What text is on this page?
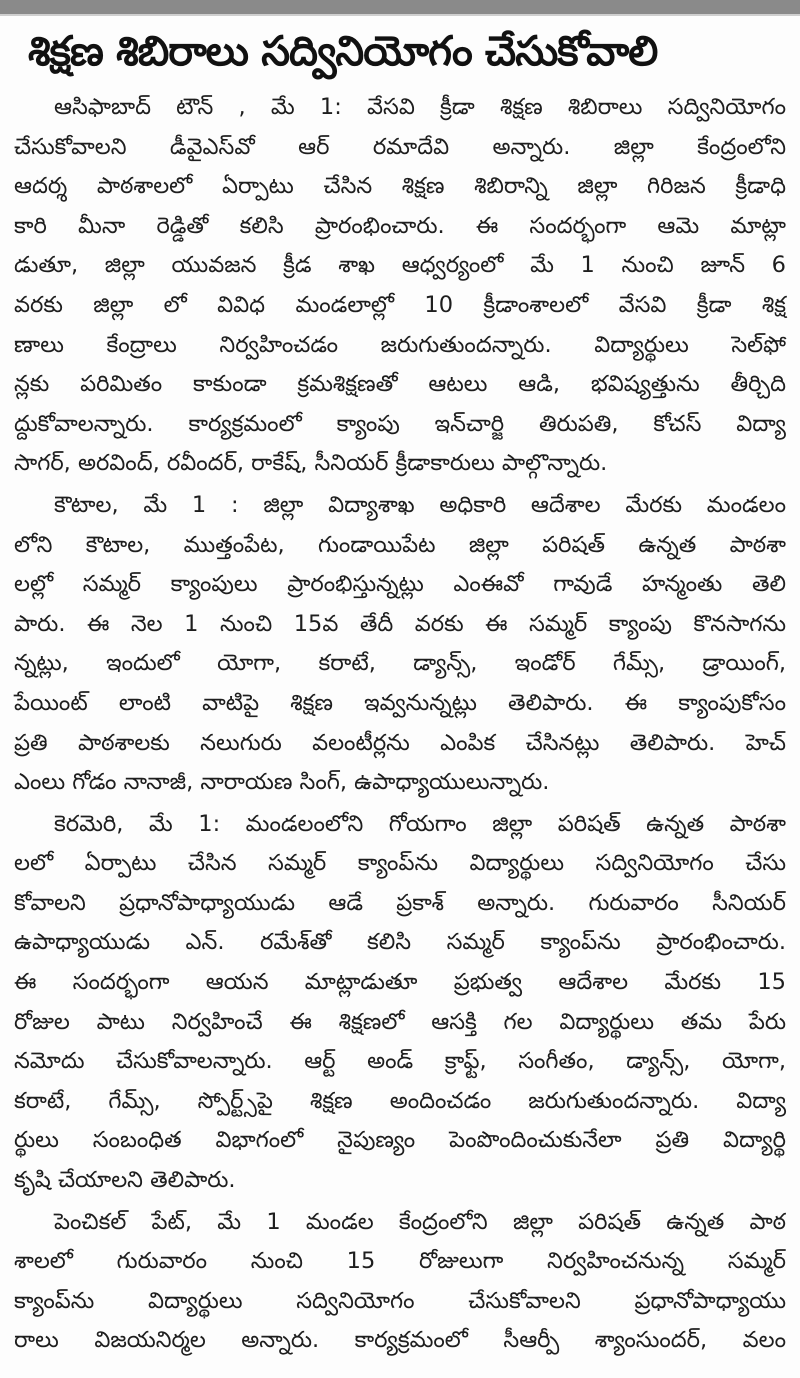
శిక్షణ శిబిరాలు సద్వినియోగం చేసుకోవాలి
ఆసిఫాబాద్ టౌన్ , మే 1: వేసవి క్రీడా శిక్షణ శిబిరాలు సద్వినియోగం
చేసుకోవాలని డీవైఎస్‌వో ఆర్ రమాదేవి అన్నారు. జిల్లా కేంద్రంలోని
ఆదర్శ పాఠశాలలో ఏర్పాటు చేసిన శిక్షణ శిబిరాన్ని జిల్లా గిరిజన క్రీడాధి
కారి మీనా రెడ్డితో కలిసి ప్రారంభించారు. ఈ సందర్భంగా ఆమె మాట్లా
డుతూ, జిల్లా యువజన క్రీడ శాఖ ఆధ్వర్యంలో మే 1 నుంచి జూన్ 6
వరకు జిల్లా లో వివిధ మండలాల్లో 10 క్రీడాంశాలలో వేసవి క్రీడా శిక్ష
ణాలు కేంద్రాలు నిర్వహించడం జరుగుతుందన్నారు. విద్యార్థులు సెల్‌ఫో
న్లకు పరిమితం కాకుండా క్రమశిక్షణతో ఆటలు ఆడి, భవిష్యత్తును తీర్చిది
ద్దుకోవాలన్నారు. కార్యక్రమంలో క్యాంపు ఇన్‌చార్జి తిరుపతి, కోచస్ విద్యా
సాగర్, అరవింద్, రవీందర్, రాకేష్, సీనియర్ క్రీడాకారులు పాల్గొన్నారు.
కౌటాల, మే 1 : జిల్లా విద్యాశాఖ అధికారి ఆదేశాల మేరకు మండలం
లోని కౌటాల, ముత్తంపేట, గుండాయిపేట జిల్లా పరిషత్ ఉన్నత పాఠశా
లల్లో సమ్మర్ క్యాంపులు ప్రారంభిస్తున్నట్లు ఎంఈవో గావుడే హన్మంతు తెలి
పారు. ఈ నెల 1 నుంచి 15వ తేదీ వరకు ఈ సమ్మర్ క్యాంపు కొనసాగను
న్నట్లు, ఇందులో యోగా, కరాటే, డ్యాన్స్, ఇండోర్ గేమ్స్, డ్రాయింగ్,
పేయింట్ లాంటి వాటిపై శిక్షణ ఇవ్వనున్నట్లు తెలిపారు. ఈ క్యాంపుకోసం
ప్రతి పాఠశాలకు నలుగురు వలంటీర్లను ఎంపిక చేసినట్లు తెలిపారు. హెచ్
ఎంలు గోడం నానాజీ, నారాయణ సింగ్, ఉపాధ్యాయులున్నారు.
కెరమెరి, మే 1: మండలంలోని గోయగాం జిల్లా పరిషత్ ఉన్నత పాఠశా
లలో ఏర్పాటు చేసిన సమ్మర్ క్యాంప్‌ను విద్యార్థులు సద్వినియోగం చేసు
కోవాలని ప్రధానోపాధ్యాయుడు ఆడే ప్రకాశ్ అన్నారు. గురువారం సీనియర్
ఉపాధ్యాయుడు ఎన్. రమేశ్‌తో కలిసి సమ్మర్ క్యాంప్‌ను ప్రారంభించారు.
ఈ సందర్భంగా ఆయన మాట్లాడుతూ ప్రభుత్వ ఆదేశాల మేరకు 15
రోజుల పాటు నిర్వహించే ఈ శిక్షణలో ఆసక్తి గల విద్యార్థులు తమ పేరు
నమోదు చేసుకోవాలన్నారు. ఆర్ట్ అండ్ క్రాఫ్ట్, సంగీతం, డ్యాన్స్, యోగా,
కరాటే, గేమ్స్, స్పోర్ట్స్‌పై శిక్షణ అందించడం జరుగుతుందన్నారు. విద్యా
ర్థులు సంబంధిత విభాగంలో నైపుణ్యం పెంపొందించుకునేలా ప్రతి విద్యార్థి
కృషి చేయాలని తెలిపారు.
పెంచికల్ పేట్, మే 1 మండల కేంద్రంలోని జిల్లా పరిషత్ ఉన్నత పాఠ
శాలలో గురువారం నుంచి 15 రోజులుగా నిర్వహించనున్న సమ్మర్
క్యాంప్‌ను విద్యార్థులు సద్వినియోగం చేసుకోవాలని ప్రధానోపాధ్యాయు
రాలు విజయనిర్మల అన్నారు. కార్యక్రమంలో సీఆర్పీ శ్యాంసుందర్, వలం
